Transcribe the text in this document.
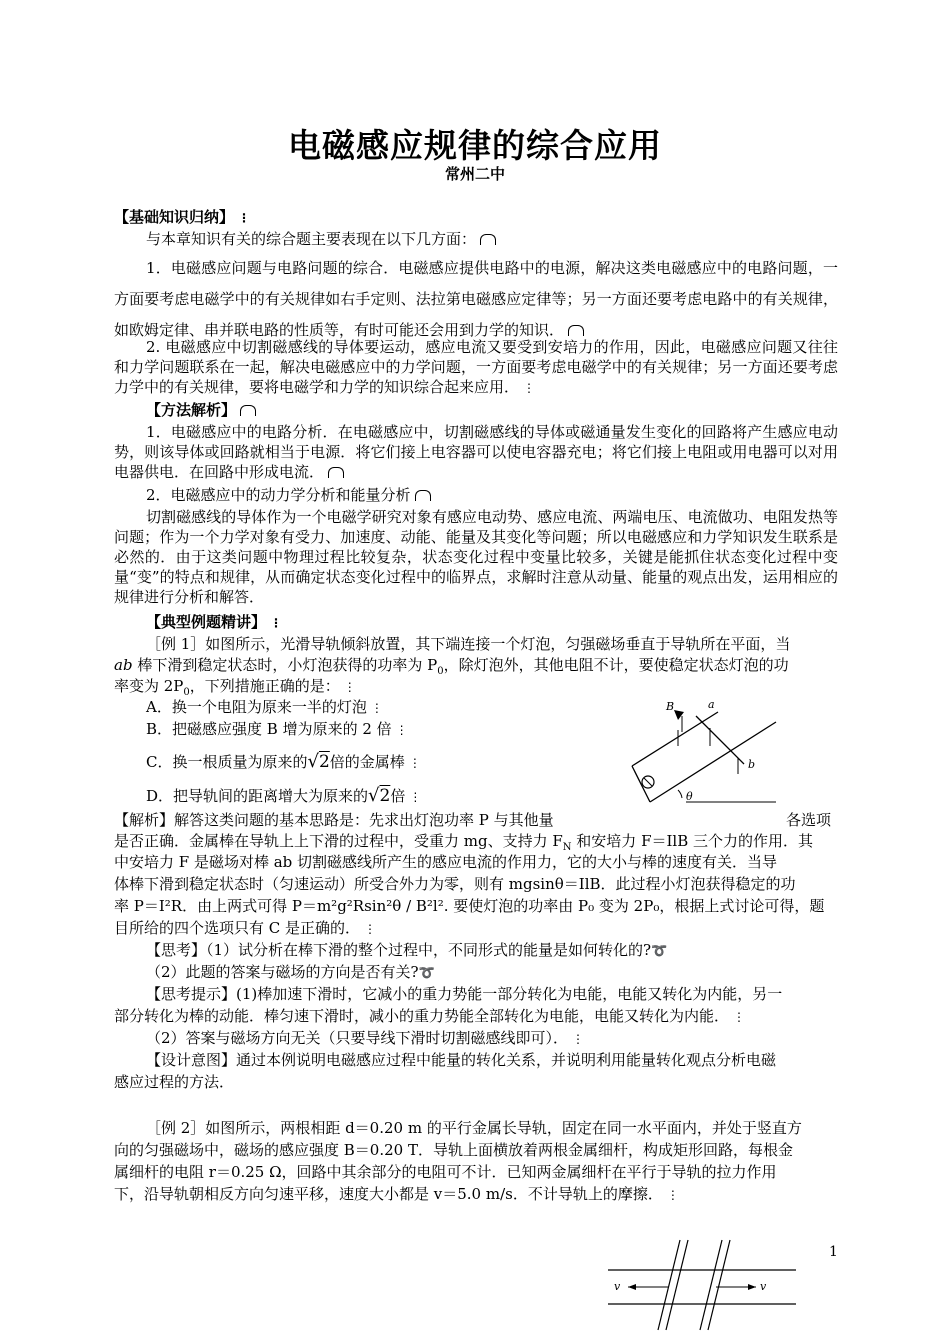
电磁感应规律的综合应用
常州二中
【基础知识归纳】 ⋮
与本章知识有关的综合题主要表现在以下几方面：
1．电磁感应问题与电路问题的综合．电磁感应提供电路中的电源，解决这类电磁感应中的电路问题，一方面要考虑电磁学中的有关规律如右手定则、法拉第电磁感应定律等；另一方面还要考虑电路中的有关规律，如欧姆定律、串并联电路的性质等，有时可能还会用到力学的知识．
2. 电磁感应中切割磁感线的导体要运动，感应电流又要受到安培力的作用，因此，电磁感应问题又往往和力学问题联系在一起，解决电磁感应中的力学问题，一方面要考虑电磁学中的有关规律；另一方面还要考虑力学中的有关规律，要将电磁学和力学的知识综合起来应用． ⋮
【方法解析】
1．电磁感应中的电路分析．在电磁感应中，切割磁感线的导体或磁通量发生变化的回路将产生感应电动势，则该导体或回路就相当于电源．将它们接上电容器可以使电容器充电；将它们接上电阻或用电器可以对用电器供电．在回路中形成电流．
2．电磁感应中的动力学分析和能量分析
切割磁感线的导体作为一个电磁学研究对象有感应电动势、感应电流、两端电压、电流做功、电阻发热等问题；作为一个力学对象有受力、加速度、动能、能量及其变化等问题；所以电磁感应和力学知识发生联系是必然的．由于这类问题中物理过程比较复杂，状态变化过程中变量比较多，关键是能抓住状态变化过程中变量“变”的特点和规律，从而确定状态变化过程中的临界点，求解时注意从动量、能量的观点出发，运用相应的规律进行分析和解答．
【典型例题精讲】 ⋮
［例 1］如图所示，光滑导轨倾斜放置，其下端连接一个灯泡，匀强磁场垂直于导轨所在平面，当
ab 棒下滑到稳定状态时，小灯泡获得的功率为 $P_0$，除灯泡外，其他电阻不计，要使稳定状态灯泡的功
率变为 $2P_0$，下列措施正确的是： ⋮
A．换一个电阻为原来一半的灯泡 ⋮
B．把磁感应强度 B 增为原来的 2 倍 ⋮
C．换一根质量为原来的√2倍的金属棒 ⋮
D．把导轨间的距离增大为原来的√2倍 ⋮
B	a
b
θ
【解析】解答这类问题的基本思路是：先求出灯泡功率 P 与其他量	各选项
是否正确．金属棒在导轨上上下滑的过程中，受重力 mg、支持力 $F_N$ 和安培力 F＝IlB 三个力的作用．其
中安培力 F 是磁场对棒 ab 切割磁感线所产生的感应电流的作用力，它的大小与棒的速度有关．当导
体棒下滑到稳定状态时（匀速运动）所受合外力为零，则有 mgsinθ＝IlB．此过程小灯泡获得稳定的功
率 P＝I²R．由上两式可得 P＝m²g²Rsin²θ / B²l². 要使灯泡的功率由 P₀ 变为 2P₀，根据上式讨论可得，题
目所给的四个选项只有 C 是正确的． ⋮
【思考】（1）试分析在棒下滑的整个过程中，不同形式的能量是如何转化的?➰
（2）此题的答案与磁场的方向是否有关?➰
【思考提示】(1)棒加速下滑时，它减小的重力势能一部分转化为电能，电能又转化为内能，另一
部分转化为棒的动能．棒匀速下滑时，减小的重力势能全部转化为电能，电能又转化为内能． ⋮
（2）答案与磁场方向无关（只要导线下滑时切割磁感线即可）． ⋮
【设计意图】通过本例说明电磁感应过程中能量的转化关系，并说明利用能量转化观点分析电磁
感应过程的方法．
［例 2］如图所示，两根相距 d＝0.20 m 的平行金属长导轨，固定在同一水平面内，并处于竖直方
向的匀强磁场中，磁场的感应强度 B＝0.20 T．导轨上面横放着两根金属细杆，构成矩形回路，每根金
属细杆的电阻 r＝0.25 Ω，回路中其余部分的电阻可不计．已知两金属细杆在平行于导轨的拉力作用
下，沿导轨朝相反方向匀速平移，速度大小都是 v＝5.0 m/s．不计导轨上的摩擦． ⋮
v	v
1
